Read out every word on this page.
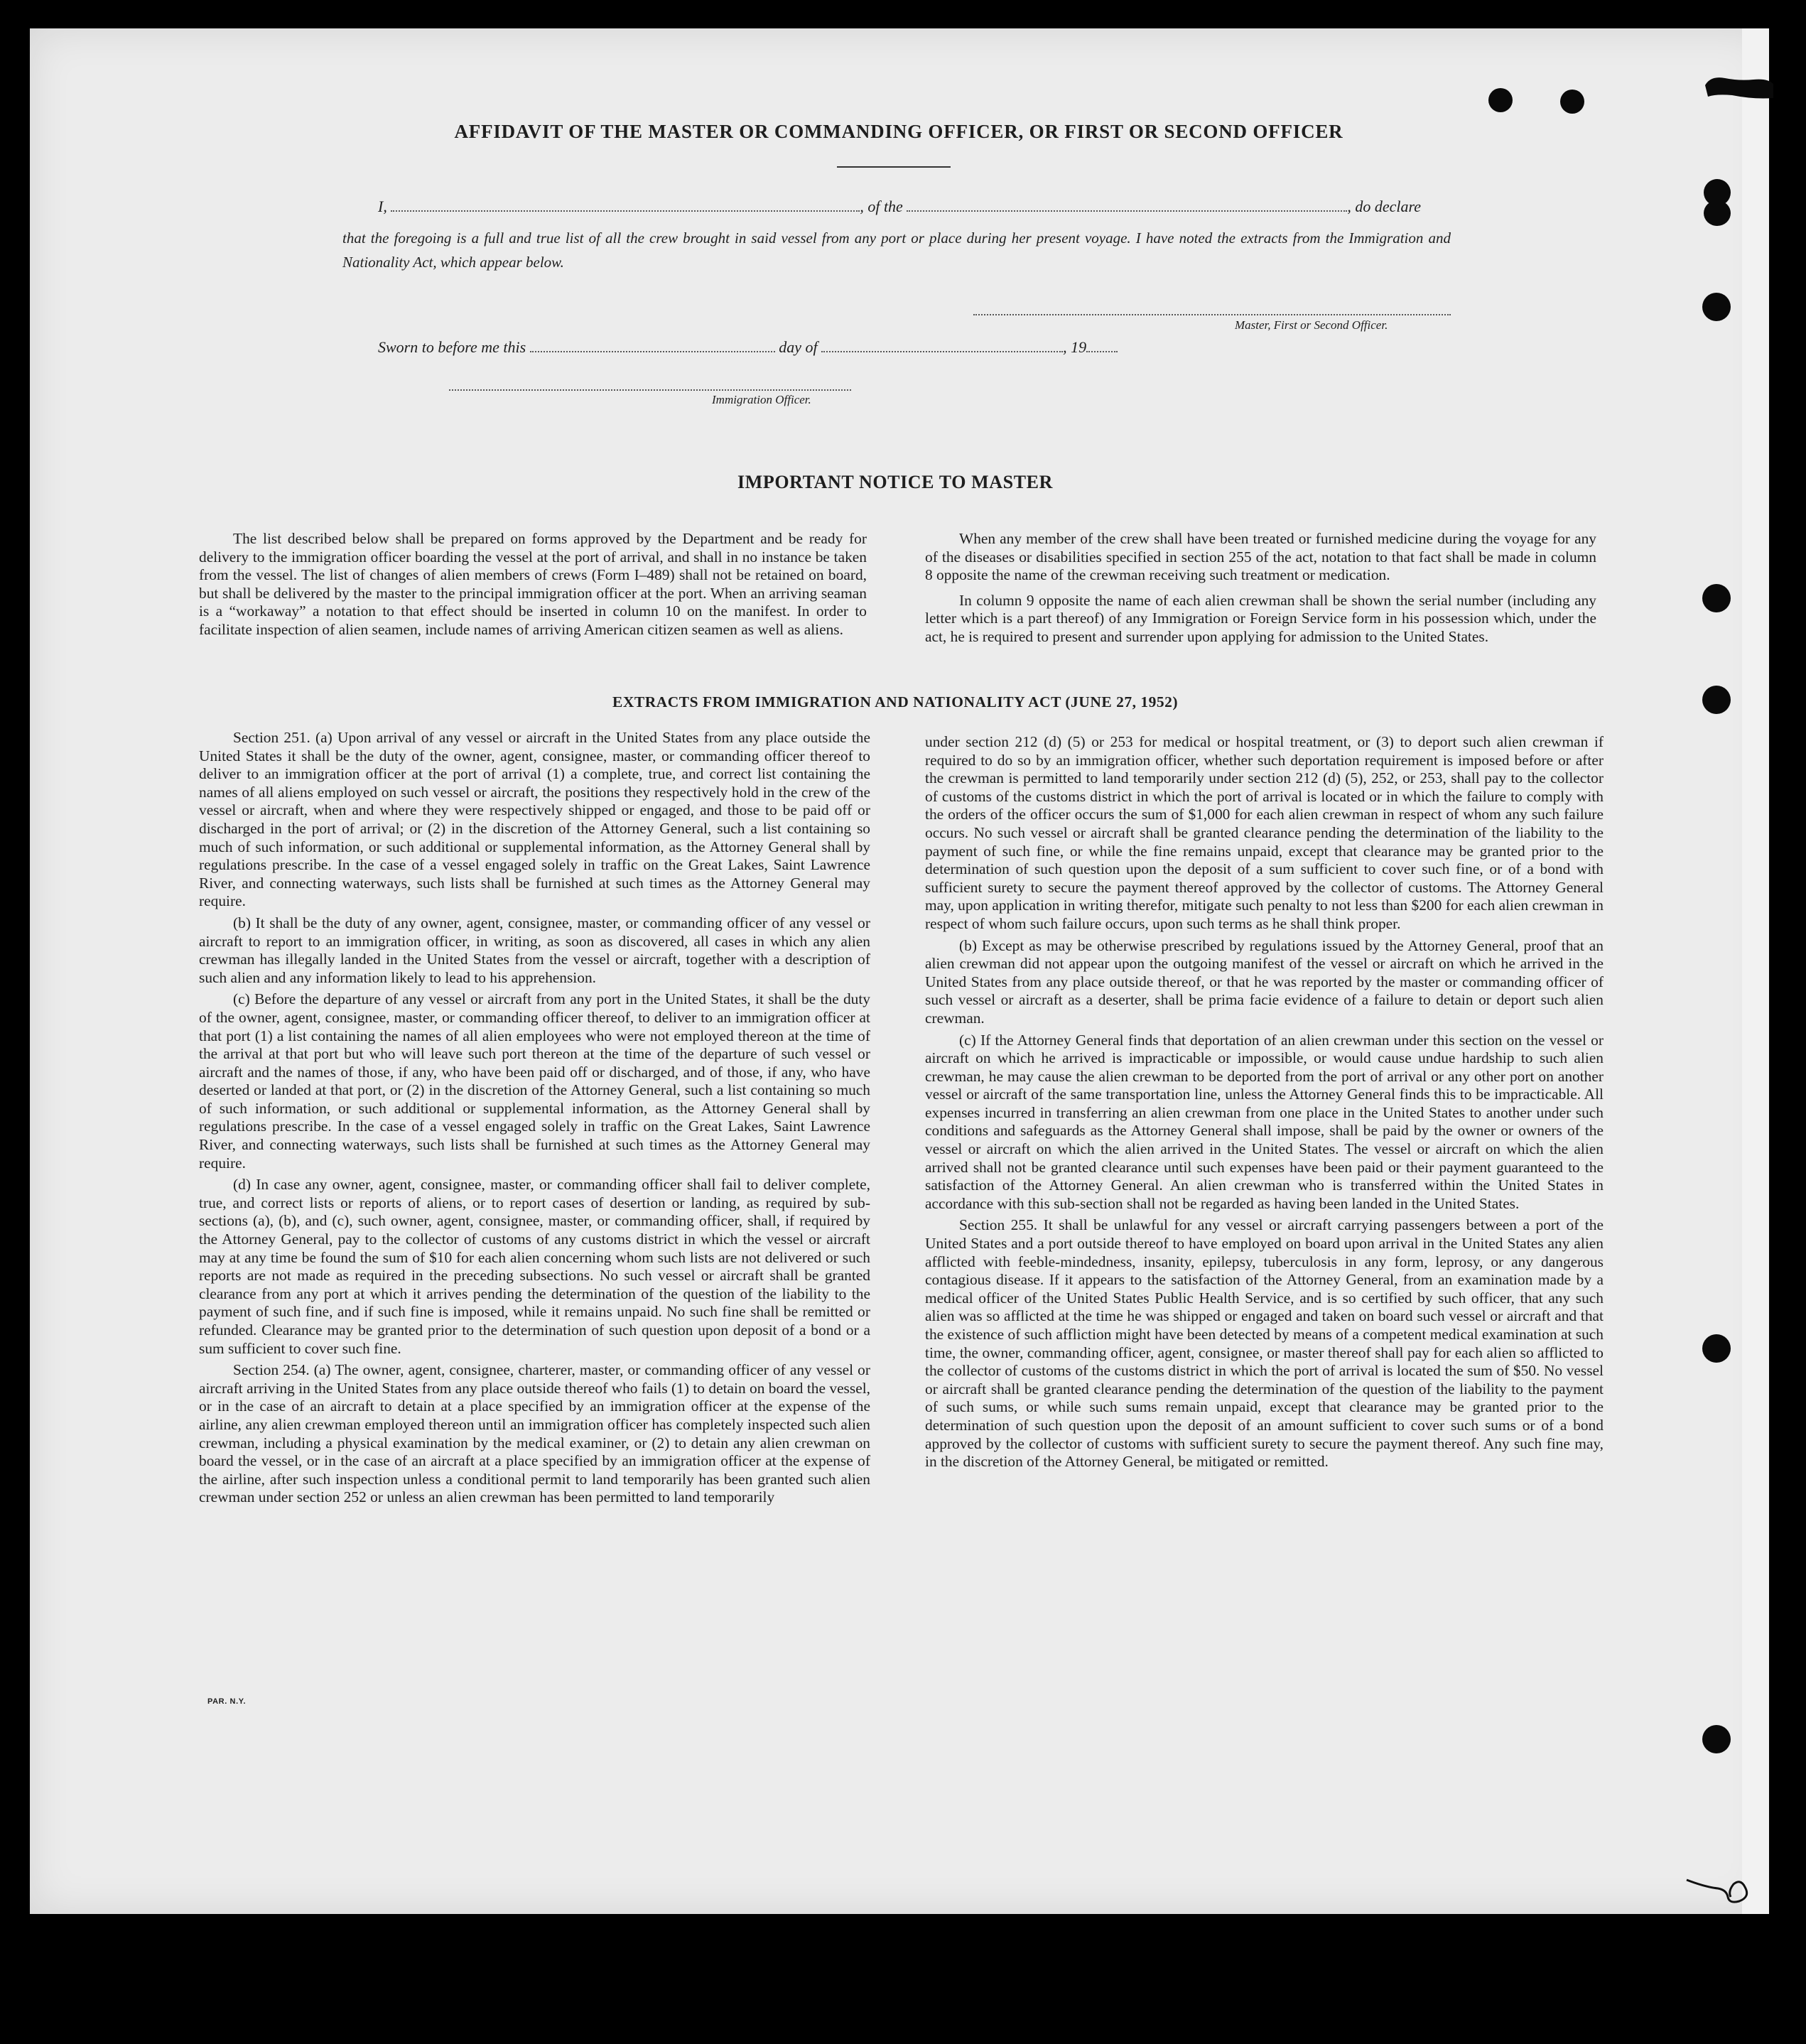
AFFIDAVIT OF THE MASTER OR COMMANDING OFFICER, OR FIRST OR SECOND OFFICER
I,	, of the	, do declare
that the foregoing is a full and true list of all the crew brought in said vessel from any port or place during her present voyage. I have noted the extracts from the Immigration and Nationality Act, which appear below.
Master, First or Second Officer.
Sworn to before me this	day of	, 19
Immigration Officer.
IMPORTANT NOTICE TO MASTER

The list described below shall be prepared on forms approved by the Department and be ready for delivery to the immigration officer boarding the vessel at the port of arrival, and shall in no instance be taken from the vessel. The list of changes of alien members of crews (Form I–489) shall not be retained on board, but shall be delivered by the master to the principal immigration officer at the port. When an arriving seaman is a “workaway” a notation to that effect should be inserted in column 10 on the manifest. In order to facilitate inspection of alien seamen, include names of arriving American citizen seamen as well as aliens.

When any member of the crew shall have been treated or furnished medicine during the voyage for any of the diseases or disabilities specified in section 255 of the act, notation to that fact shall be made in column 8 opposite the name of the crewman receiving such treatment or medication.

In column 9 opposite the name of each alien crewman shall be shown the serial number (including any letter which is a part thereof) of any Immigration or Foreign Service form in his possession which, under the act, he is required to present and surrender upon applying for admission to the United States.

EXTRACTS FROM IMMIGRATION AND NATIONALITY ACT (JUNE 27, 1952)

Section 251. (a) Upon arrival of any vessel or aircraft in the United States from any place outside the United States it shall be the duty of the owner, agent, consignee, master, or commanding officer thereof to deliver to an immigration officer at the port of arrival (1) a complete, true, and correct list containing the names of all aliens employed on such vessel or aircraft, the positions they respectively hold in the crew of the vessel or aircraft, when and where they were respectively shipped or engaged, and those to be paid off or discharged in the port of arrival; or (2) in the discretion of the Attorney General, such a list containing so much of such information, or such additional or supplemental information, as the Attorney General shall by regulations prescribe. In the case of a vessel engaged solely in traffic on the Great Lakes, Saint Lawrence River, and connecting waterways, such lists shall be furnished at such times as the Attorney General may require.

(b) It shall be the duty of any owner, agent, consignee, master, or commanding officer of any vessel or aircraft to report to an immigration officer, in writing, as soon as discovered, all cases in which any alien crewman has illegally landed in the United States from the vessel or aircraft, together with a description of such alien and any information likely to lead to his apprehension.

(c) Before the departure of any vessel or aircraft from any port in the United States, it shall be the duty of the owner, agent, consignee, master, or commanding officer thereof, to deliver to an immigration officer at that port (1) a list containing the names of all alien employees who were not employed thereon at the time of the arrival at that port but who will leave such port thereon at the time of the departure of such vessel or aircraft and the names of those, if any, who have been paid off or discharged, and of those, if any, who have deserted or landed at that port, or (2) in the discretion of the Attorney General, such a list containing so much of such information, or such additional or supplemental information, as the Attorney General shall by regulations prescribe. In the case of a vessel engaged solely in traffic on the Great Lakes, Saint Lawrence River, and connecting waterways, such lists shall be furnished at such times as the Attorney General may require.

(d) In case any owner, agent, consignee, master, or commanding officer shall fail to deliver complete, true, and correct lists or reports of aliens, or to report cases of desertion or landing, as required by sub-sections (a), (b), and (c), such owner, agent, consignee, master, or commanding officer, shall, if required by the Attorney General, pay to the collector of customs of any customs district in which the vessel or aircraft may at any time be found the sum of $10 for each alien concerning whom such lists are not delivered or such reports are not made as required in the preceding subsections. No such vessel or aircraft shall be granted clearance from any port at which it arrives pending the determination of the question of the liability to the payment of such fine, and if such fine is imposed, while it remains unpaid. No such fine shall be remitted or refunded. Clearance may be granted prior to the determination of such question upon deposit of a bond or a sum sufficient to cover such fine.

Section 254. (a) The owner, agent, consignee, charterer, master, or commanding officer of any vessel or aircraft arriving in the United States from any place outside thereof who fails (1) to detain on board the vessel, or in the case of an aircraft to detain at a place specified by an immigration officer at the expense of the airline, any alien crewman employed thereon until an immigration officer has completely inspected such alien crewman, including a physical examination by the medical examiner, or (2) to detain any alien crewman on board the vessel, or in the case of an aircraft at a place specified by an immigration officer at the expense of the airline, after such inspection unless a conditional permit to land temporarily has been granted such alien crewman under section 252 or unless an alien crewman has been permitted to land temporarily

under section 212 (d) (5) or 253 for medical or hospital treatment, or (3) to deport such alien crewman if required to do so by an immigration officer, whether such deportation requirement is imposed before or after the crewman is permitted to land temporarily under section 212 (d) (5), 252, or 253, shall pay to the collector of customs of the customs district in which the port of arrival is located or in which the failure to comply with the orders of the officer occurs the sum of $1,000 for each alien crewman in respect of whom any such failure occurs. No such vessel or aircraft shall be granted clearance pending the determination of the liability to the payment of such fine, or while the fine remains unpaid, except that clearance may be granted prior to the determination of such question upon the deposit of a sum sufficient to cover such fine, or of a bond with sufficient surety to secure the payment thereof approved by the collector of customs. The Attorney General may, upon application in writing therefor, mitigate such penalty to not less than $200 for each alien crewman in respect of whom such failure occurs, upon such terms as he shall think proper.

(b) Except as may be otherwise prescribed by regulations issued by the Attorney General, proof that an alien crewman did not appear upon the outgoing manifest of the vessel or aircraft on which he arrived in the United States from any place outside thereof, or that he was reported by the master or commanding officer of such vessel or aircraft as a deserter, shall be prima facie evidence of a failure to detain or deport such alien crewman.

(c) If the Attorney General finds that deportation of an alien crewman under this section on the vessel or aircraft on which he arrived is impracticable or impossible, or would cause undue hardship to such alien crewman, he may cause the alien crewman to be deported from the port of arrival or any other port on another vessel or aircraft of the same transportation line, unless the Attorney General finds this to be impracticable. All expenses incurred in transferring an alien crewman from one place in the United States to another under such conditions and safeguards as the Attorney General shall impose, shall be paid by the owner or owners of the vessel or aircraft on which the alien arrived in the United States. The vessel or aircraft on which the alien arrived shall not be granted clearance until such expenses have been paid or their payment guaranteed to the satisfaction of the Attorney General. An alien crewman who is transferred within the United States in accordance with this sub-section shall not be regarded as having been landed in the United States.

Section 255. It shall be unlawful for any vessel or aircraft carrying passengers between a port of the United States and a port outside thereof to have employed on board upon arrival in the United States any alien afflicted with feeble-mindedness, insanity, epilepsy, tuberculosis in any form, leprosy, or any dangerous contagious disease. If it appears to the satisfaction of the Attorney General, from an examination made by a medical officer of the United States Public Health Service, and is so certified by such officer, that any such alien was so afflicted at the time he was shipped or engaged and taken on board such vessel or aircraft and that the existence of such affliction might have been detected by means of a competent medical examination at such time, the owner, commanding officer, agent, consignee, or master thereof shall pay for each alien so afflicted to the collector of customs of the customs district in which the port of arrival is located the sum of $50. No vessel or aircraft shall be granted clearance pending the determination of the question of the liability to the payment of such sums, or while such sums remain unpaid, except that clearance may be granted prior to the determination of such question upon the deposit of an amount sufficient to cover such sums or of a bond approved by the collector of customs with sufficient surety to secure the payment thereof. Any such fine may, in the discretion of the Attorney General, be mitigated or remitted.

PAR. N.Y.
